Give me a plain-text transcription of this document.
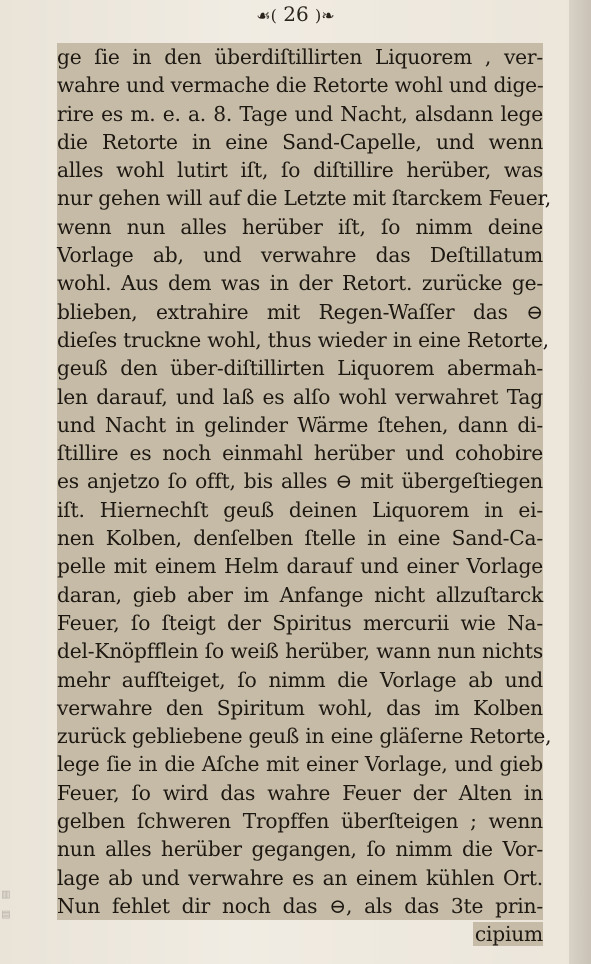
▥
▤
☙( 26 )❧
ge ſie in den überdiſtillirten Liquorem , ver-
wahre und vermache die Retorte wohl und dige-
rire es m. e. a. 8. Tage und Nacht, alsdann lege
die Retorte in eine Sand-Capelle, und wenn
alles wohl lutirt iſt, ſo diſtillire herüber, was
nur gehen will auf die Letzte mit ſtarckem Feuer,
wenn nun alles herüber iſt, ſo nimm deine
Vorlage ab, und verwahre das Deſtillatum
wohl. Aus dem was in der Retort. zurücke ge-
blieben, extrahire mit Regen-Waſſer das ⊖
dieſes truckne wohl, thus wieder in eine Retorte,
geuß den über-diſtillirten Liquorem abermah-
len darauf, und laß es alſo wohl verwahret Tag
und Nacht in gelinder Wärme ſtehen, dann di-
ſtillire es noch einmahl herüber und cohobire
es anjetzo ſo offt, bis alles ⊖ mit übergeſtiegen
iſt. Hiernechſt geuß deinen Liquorem in ei-
nen Kolben, denſelben ſtelle in eine Sand-Ca-
pelle mit einem Helm darauf und einer Vorlage
daran, gieb aber im Anfange nicht allzuſtarck
Feuer, ſo ſteigt der Spiritus mercurii wie Na-
del-Knöpfflein ſo weiß herüber, wann nun nichts
mehr aufſteiget, ſo nimm die Vorlage ab und
verwahre den Spiritum wohl, das im Kolben
zurück gebliebene geuß in eine gläſerne Retorte,
lege ſie in die Aſche mit einer Vorlage, und gieb
Feuer, ſo wird das wahre Feuer der Alten in
gelben ſchweren Tropffen überſteigen ; wenn
nun alles herüber gegangen, ſo nimm die Vor-
lage ab und verwahre es an einem kühlen Ort.
Nun fehlet dir noch das ⊖, als das 3te prin-
cipium
